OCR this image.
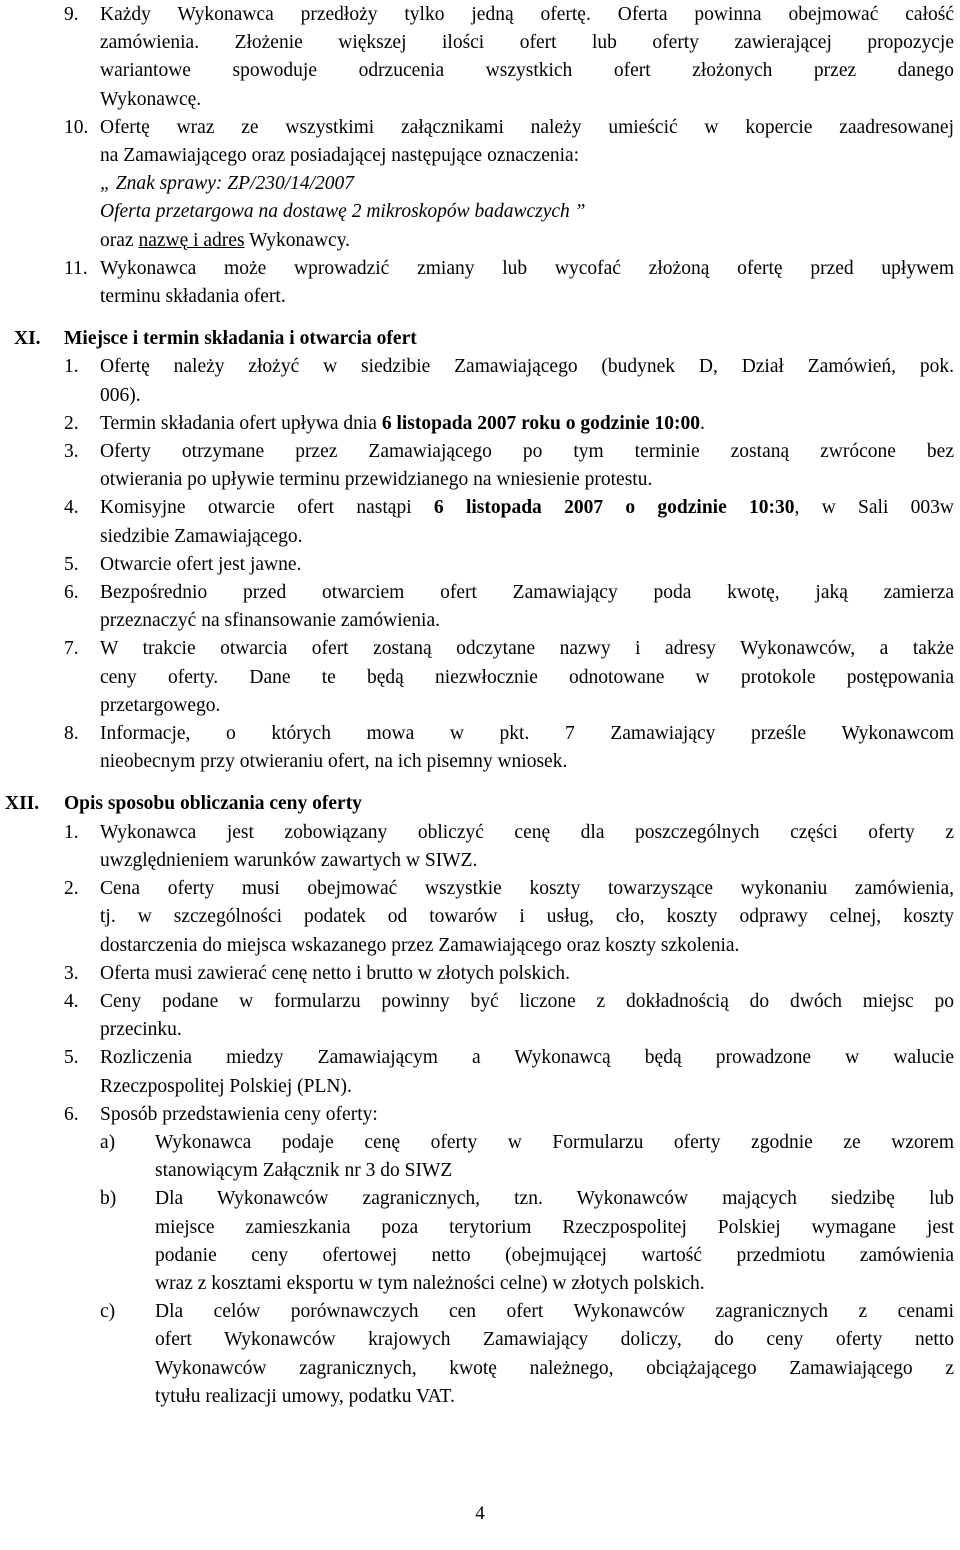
9. Każdy Wykonawca przedłoży tylko jedną ofertę. Oferta powinna obejmować całość
zamówienia. Złożenie większej ilości ofert lub oferty zawierającej propozycje
wariantowe spowoduje odrzucenia wszystkich ofert złożonych przez danego
Wykonawcę.
10. Ofertę wraz ze wszystkimi załącznikami należy umieścić w kopercie zaadresowanej
na Zamawiającego oraz posiadającej następujące oznaczenia:
„ Znak sprawy: ZP/230/14/2007
Oferta przetargowa na dostawę 2 mikroskopów badawczych ”
oraz nazwę i adres Wykonawcy.
11. Wykonawca może wprowadzić zmiany lub wycofać złożoną ofertę przed upływem
terminu składania ofert.
XI. Miejsce i termin składania i otwarcia ofert
1. Ofertę należy złożyć w siedzibie Zamawiającego (budynek D, Dział Zamówień, pok.
006).
2. Termin składania ofert upływa dnia 6 listopada 2007 roku o godzinie 10:00.
3. Oferty otrzymane przez Zamawiającego po tym terminie zostaną zwrócone bez
otwierania po upływie terminu przewidzianego na wniesienie protestu.
4. Komisyjne otwarcie ofert nastąpi 6 listopada 2007 o godzinie 10:30, w Sali 003w
siedzibie Zamawiającego.
5. Otwarcie ofert jest jawne.
6. Bezpośrednio przed otwarciem ofert Zamawiający poda kwotę, jaką zamierza
przeznaczyć na sfinansowanie zamówienia.
7. W trakcie otwarcia ofert zostaną odczytane nazwy i adresy Wykonawców, a także
ceny oferty. Dane te będą niezwłocznie odnotowane w protokole postępowania
przetargowego.
8. Informacje, o których mowa w pkt. 7 Zamawiający prześle Wykonawcom
nieobecnym przy otwieraniu ofert, na ich pisemny wniosek.
XII. Opis sposobu obliczania ceny oferty
1. Wykonawca jest zobowiązany obliczyć cenę dla poszczególnych części oferty z
uwzględnieniem warunków zawartych w SIWZ.
2. Cena oferty musi obejmować wszystkie koszty towarzyszące wykonaniu zamówienia,
tj. w szczególności podatek od towarów i usług, cło, koszty odprawy celnej, koszty
dostarczenia do miejsca wskazanego przez Zamawiającego oraz koszty szkolenia.
3. Oferta musi zawierać cenę netto i brutto w złotych polskich.
4. Ceny podane w formularzu powinny być liczone z dokładnością do dwóch miejsc po
przecinku.
5. Rozliczenia miedzy Zamawiającym a Wykonawcą będą prowadzone w walucie
Rzeczpospolitej Polskiej (PLN).
6. Sposób przedstawienia ceny oferty:
a) Wykonawca podaje cenę oferty w Formularzu oferty zgodnie ze wzorem
stanowiącym Załącznik nr 3 do SIWZ
b) Dla Wykonawców zagranicznych, tzn. Wykonawców mających siedzibę lub
miejsce zamieszkania poza terytorium Rzeczpospolitej Polskiej wymagane jest
podanie ceny ofertowej netto (obejmującej wartość przedmiotu zamówienia
wraz z kosztami eksportu w tym należności celne) w złotych polskich.
c) Dla celów porównawczych cen ofert Wykonawców zagranicznych z cenami
ofert Wykonawców krajowych Zamawiający doliczy, do ceny oferty netto
Wykonawców zagranicznych, kwotę należnego, obciążającego Zamawiającego z
tytułu realizacji umowy, podatku VAT.
4
